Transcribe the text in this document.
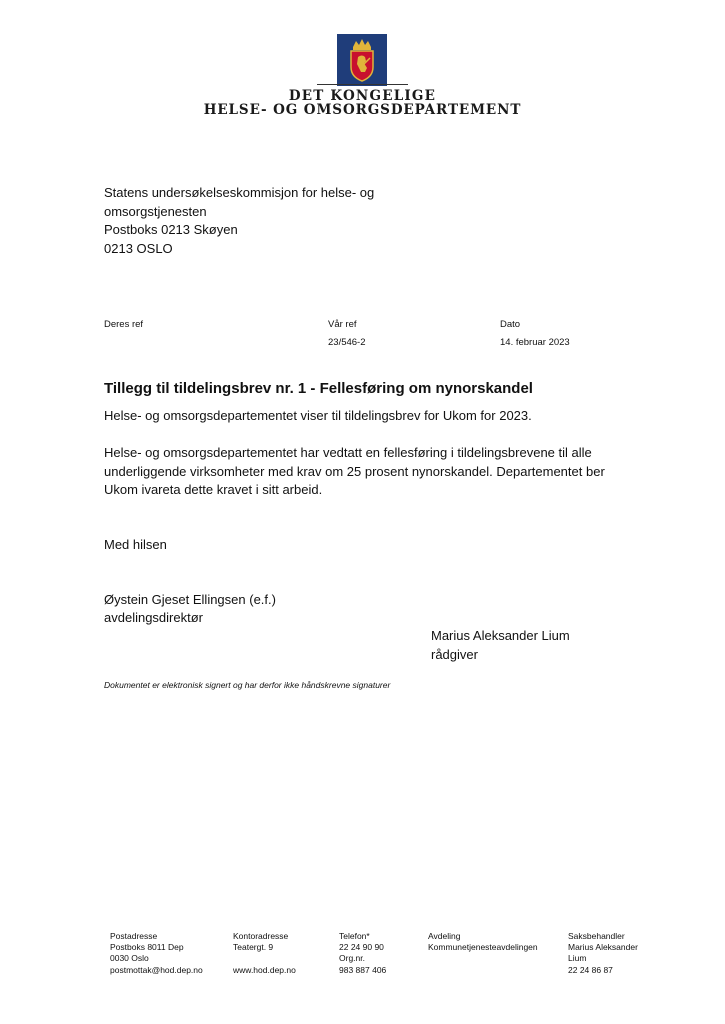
DET KONGELIGE
HELSE- OG OMSORGSDEPARTEMENT
Statens undersøkelseskommisjon for helse- og
omsorgstjenesten
Postboks 0213 Skøyen
0213 OSLO
Deres ref	Vår ref
23/546-2
Dato
14. februar 2023
Tillegg til tildelingsbrev nr. 1 - Fellesføring om nynorskandel
Helse- og omsorgsdepartementet viser til tildelingsbrev for Ukom for 2023.
Helse- og omsorgsdepartementet har vedtatt en fellesføring i tildelingsbrevene til alle underliggende virksomheter med krav om 25 prosent nynorskandel. Departementet ber Ukom ivareta dette kravet i sitt arbeid.
Med hilsen
Øystein Gjeset Ellingsen (e.f.)
avdelingsdirektør
Marius Aleksander Lium
rådgiver
Dokumentet er elektronisk signert og har derfor ikke håndskrevne signaturer
Postadresse
Postboks 8011 Dep
0030 Oslo
postmottak@hod.dep.no
Kontoradresse
Teatergt. 9

www.hod.dep.no
Telefon*
22 24 90 90
Org.nr.
983 887 406
Avdeling
Kommunetjenesteavdelingen
Saksbehandler
Marius Aleksander
Lium
22 24 86 87
